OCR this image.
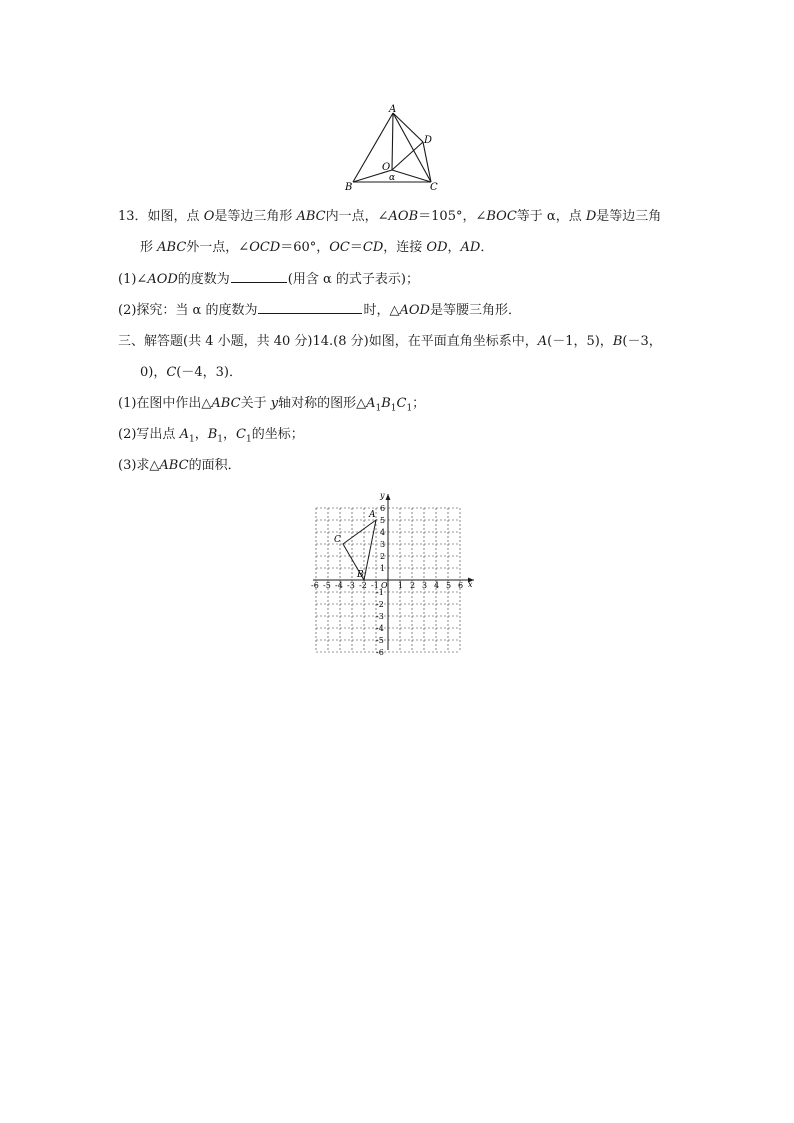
A
B	C
D
O
α
13．如图，点 O是等边三角形 ABC内一点，∠AOB＝105°，∠BOC等于 α，点 D是等边三角
形 ABC外一点，∠OCD＝60°，OC＝CD，连接 OD，AD．
(1)∠AOD的度数为	(用含 α 的式子表示)；
(2)探究：当 α 的度数为	时，△AOD是等腰三角形．
三、解答题(共 4 小题，共 40 分)14.(8 分)如图，在平面直角坐标系中，A(－1，5)，B(－3，
0)，C(－4，3)．
(1)在图中作出△ABC关于 y轴对称的图形$\triangle A_1B_1C_1$；
(2)写出点 $A_1$，$B_1$，$C_1$的坐标；
(3)求△ABC的面积．
x
y
O
-6 -5 -4 -3 -2 -1 1 2 3 4 5 6
1
2
3
4
5
6
-1
-2
-3
-4
-5
-6
A
B
C
